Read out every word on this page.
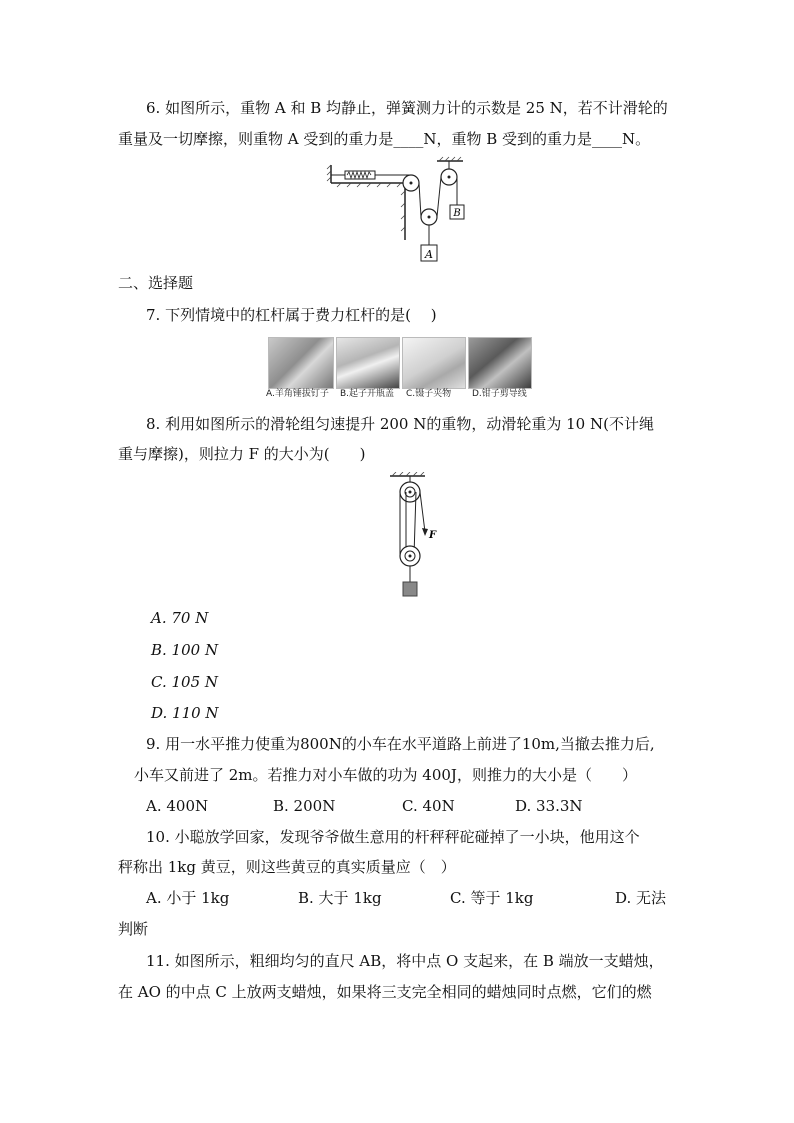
6. 如图所示，重物 A 和 B 均静止，弹簧测力计的示数是 25 N，若不计滑轮的
重量及一切摩擦，则重物 A 受到的重力是____N，重物 B 受到的重力是____N。
A
B
二、选择题
7. 下列情境中的杠杆属于费力杠杆的是(　 )
A.羊角锤拔钉子 B.起子开瓶盖 C.镊子夹物 D.钳子剪导线
8. 利用如图所示的滑轮组匀速提升 200 N的重物，动滑轮重为 10 N(不计绳
重与摩擦)，则拉力 F 的大小为(　　)
F
A. 70 N
B. 100 N
C. 105 N
D. 110 N
9. 用一水平推力使重为800N的小车在水平道路上前进了10m,当撤去推力后,
小车又前进了 2m。若推力对小车做的功为 400J，则推力的大小是（　　）
A. 400N	B. 200N	C. 40N	D. 33.3N
10. 小聪放学回家，发现爷爷做生意用的杆秤秤砣碰掉了一小块，他用这个
秤称出 1kg 黄豆，则这些黄豆的真实质量应（　）
A. 小于 1kg	B. 大于 1kg	C. 等于 1kg	D. 无法
判断
11. 如图所示，粗细均匀的直尺 AB，将中点 O 支起来，在 B 端放一支蜡烛，
在 AO 的中点 C 上放两支蜡烛，如果将三支完全相同的蜡烛同时点燃，它们的燃
